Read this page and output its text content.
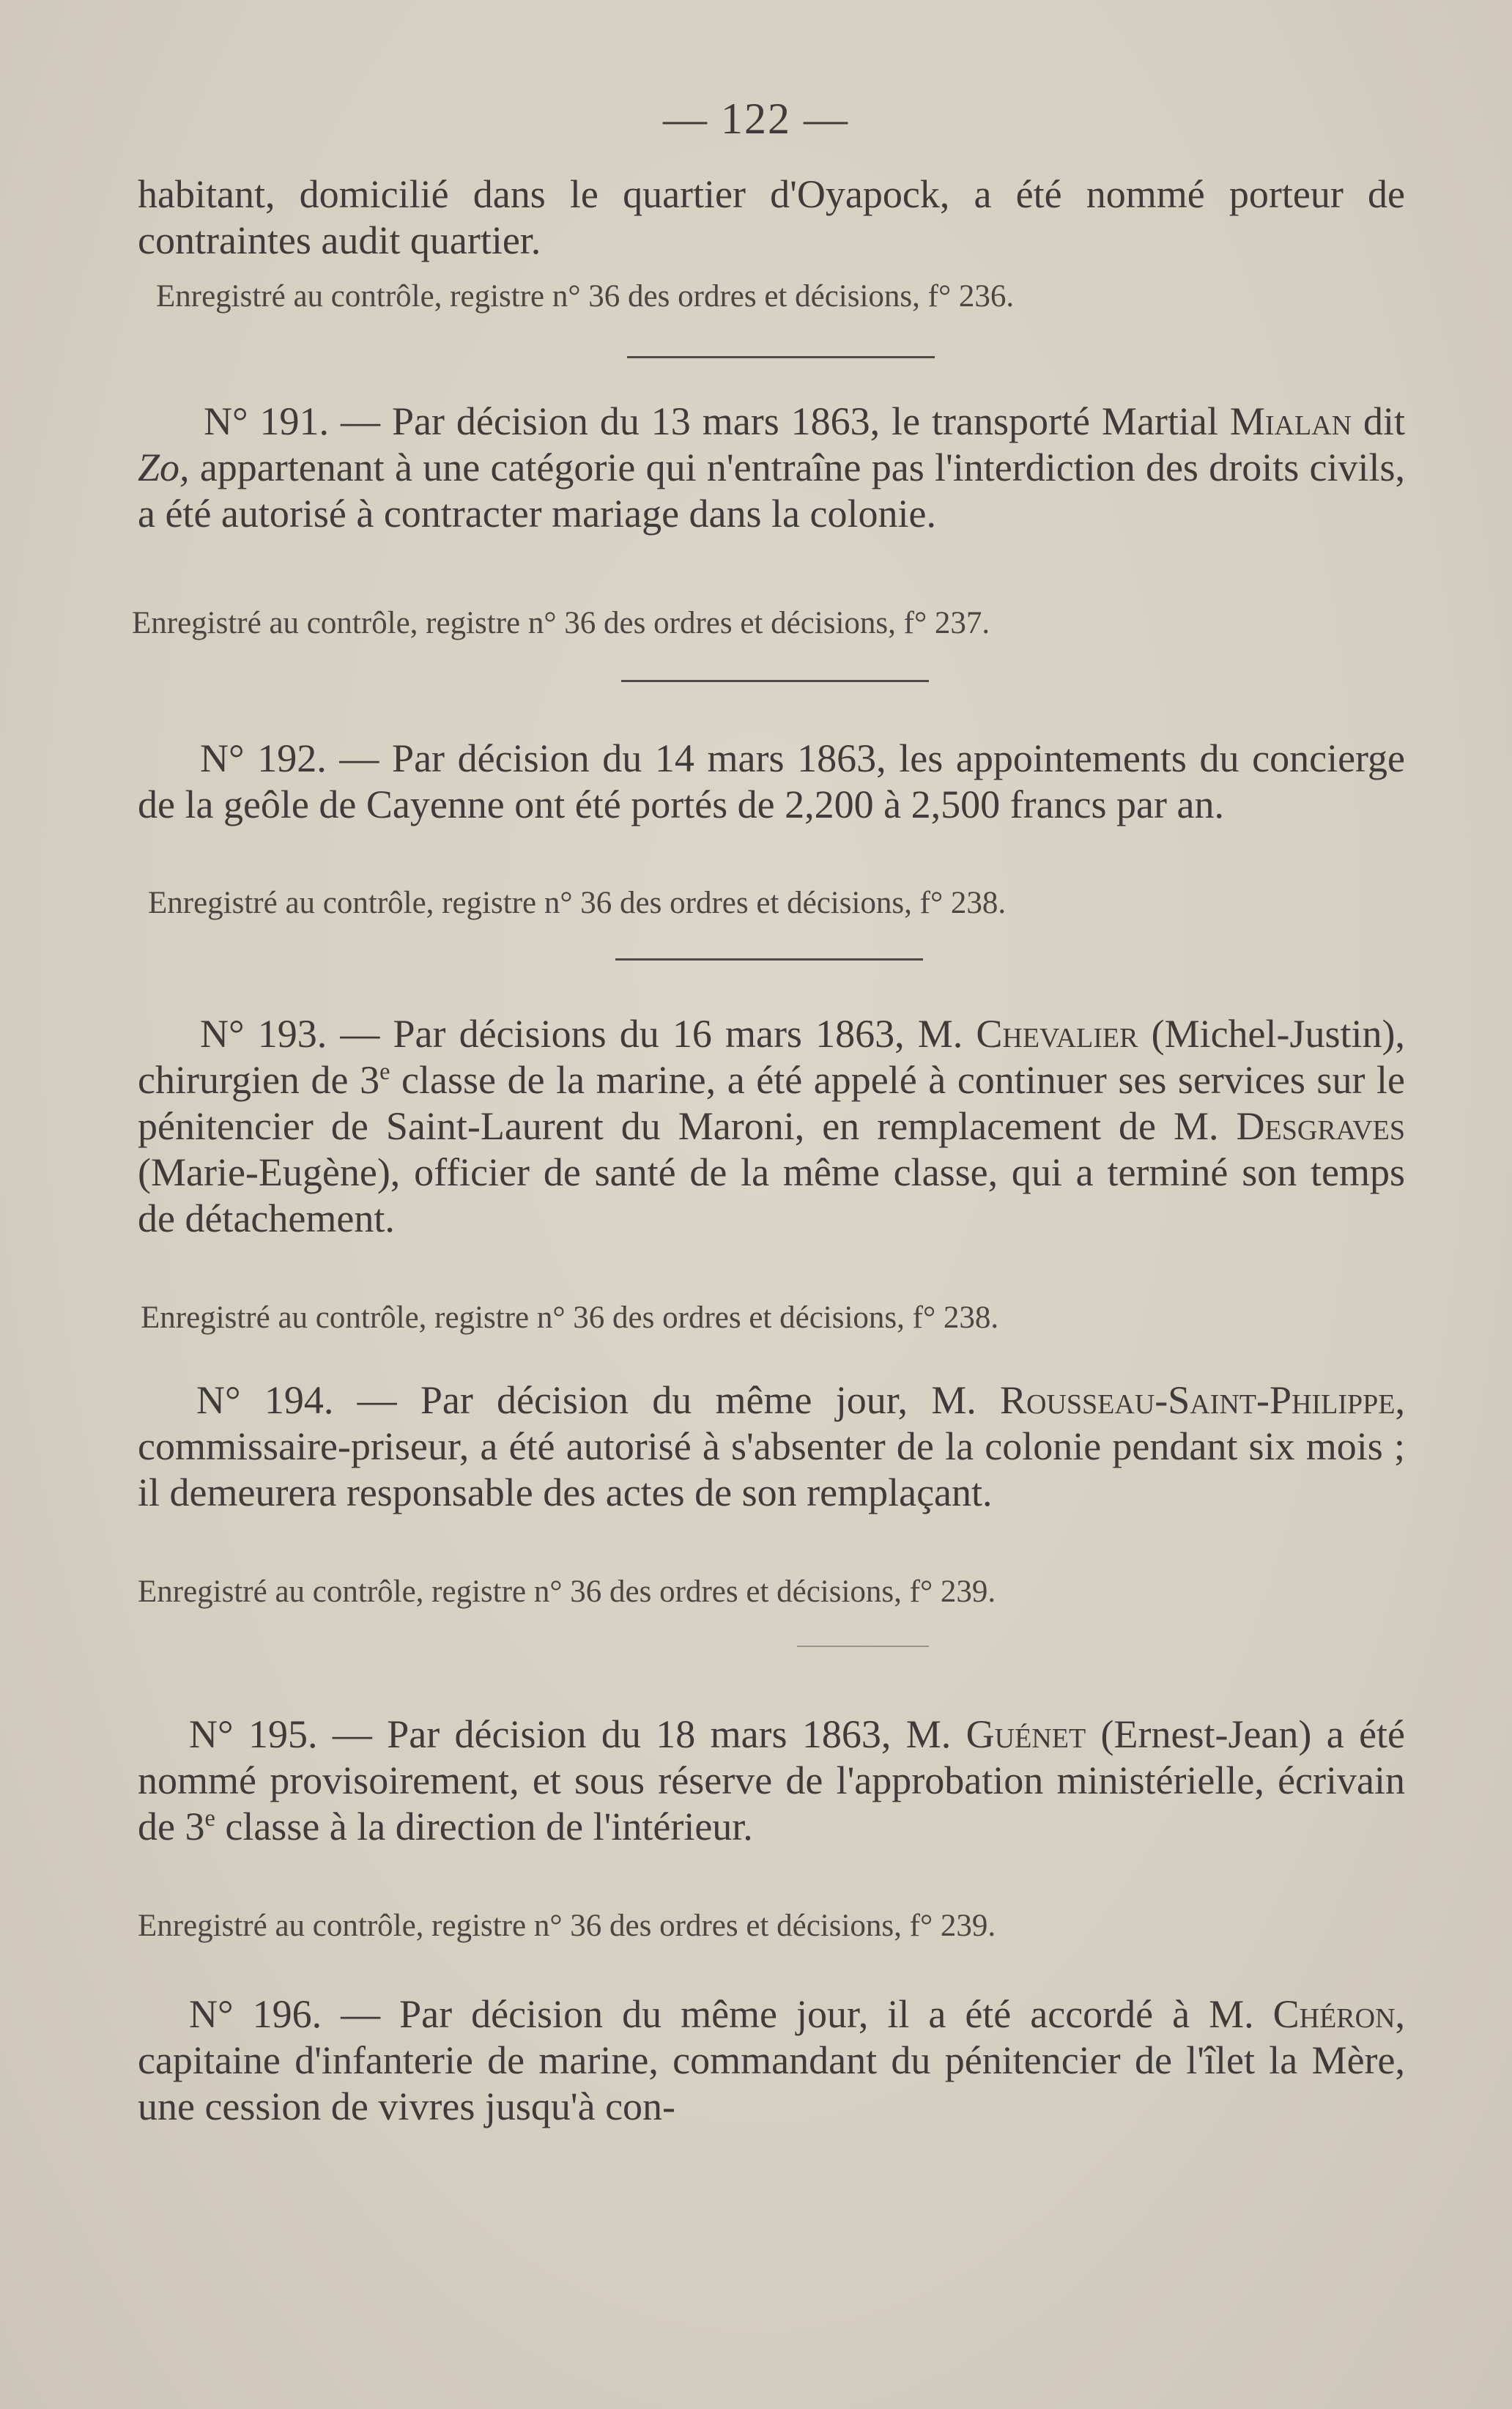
— 122 —

habitant, domicilié dans le quartier d'Oyapock, a été nommé porteur de contraintes audit quartier.

Enregistré au contrôle, registre n° 36 des ordres et décisions, f° 236.

N° 191. — Par décision du 13 mars 1863, le transporté Martial Mialan dit Zo, appartenant à une catégorie qui n'entraîne pas l'interdiction des droits civils, a été autorisé à contracter mariage dans la colonie.

Enregistré au contrôle, registre n° 36 des ordres et décisions, f° 237.

N° 192. — Par décision du 14 mars 1863, les appointements du concierge de la geôle de Cayenne ont été portés de 2,200 à 2,500 francs par an.

Enregistré au contrôle, registre n° 36 des ordres et décisions, f° 238.

N° 193. — Par décisions du 16 mars 1863, M. Chevalier (Michel-Justin), chirurgien de 3e classe de la marine, a été appelé à continuer ses services sur le pénitencier de Saint-Laurent du Maroni, en remplacement de M. Desgraves (Marie-Eugène), officier de santé de la même classe, qui a terminé son temps de détachement.

Enregistré au contrôle, registre n° 36 des ordres et décisions, f° 238.

N° 194. — Par décision du même jour, M. Rousseau-Saint-Philippe, commissaire-priseur, a été autorisé à s'absenter de la colonie pendant six mois ; il demeurera responsable des actes de son remplaçant.

Enregistré au contrôle, registre n° 36 des ordres et décisions, f° 239.

N° 195. — Par décision du 18 mars 1863, M. Guénet (Ernest-Jean) a été nommé provisoirement, et sous réserve de l'approbation ministérielle, écrivain de 3e classe à la direction de l'intérieur.

Enregistré au contrôle, registre n° 36 des ordres et décisions, f° 239.

N° 196. — Par décision du même jour, il a été accordé à M. Chéron, capitaine d'infanterie de marine, commandant du pénitencier de l'îlet la Mère, une cession de vivres jusqu'à con-
